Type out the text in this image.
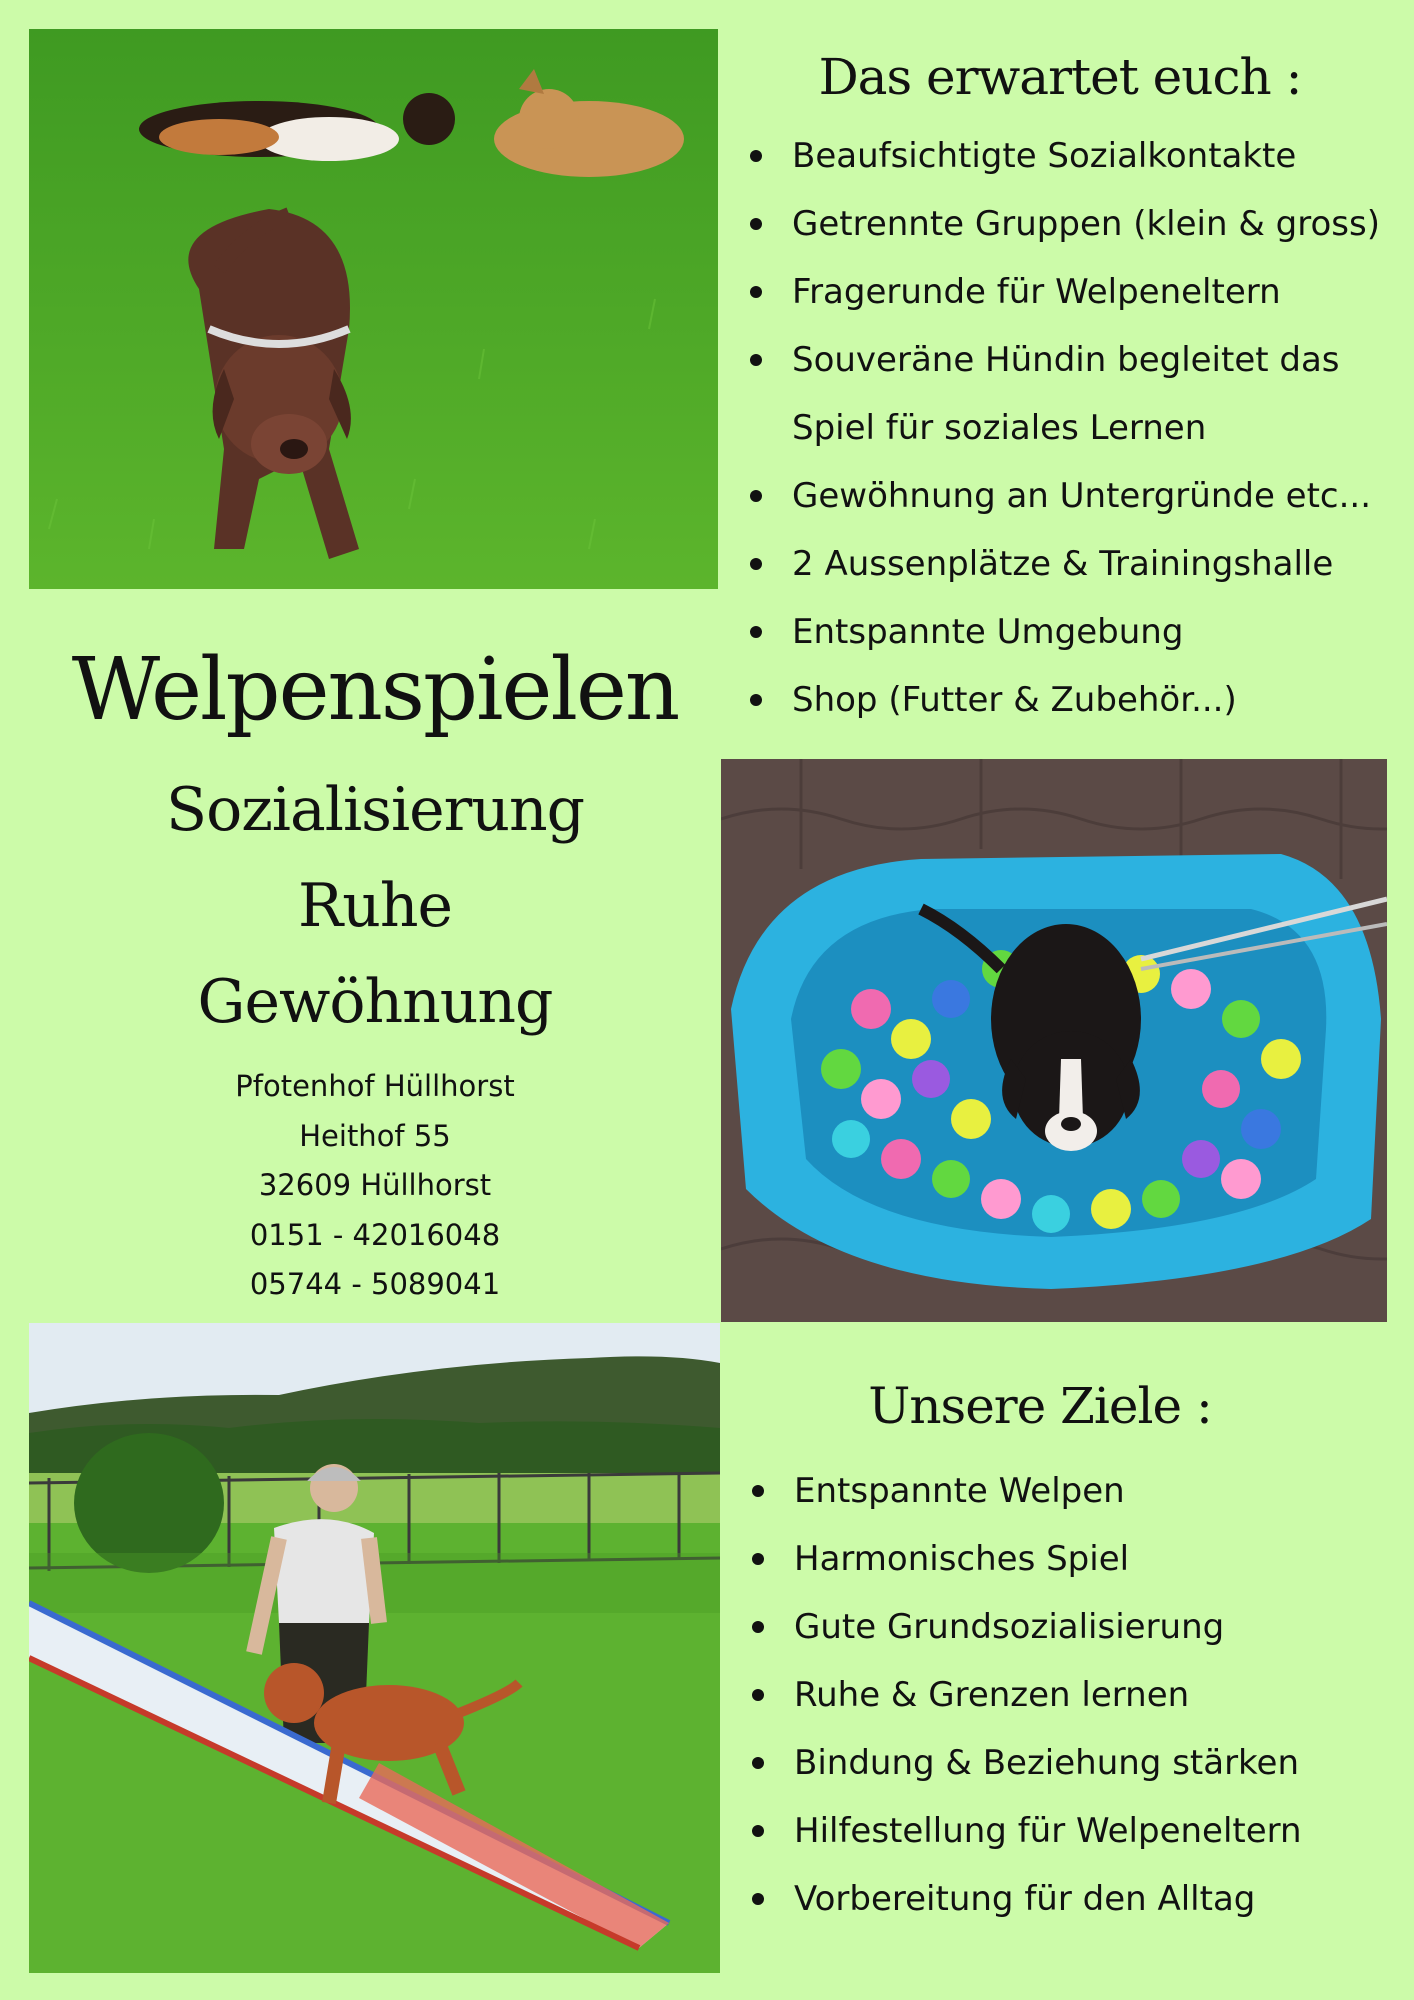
Das erwartet euch :
Beaufsichtigte Sozialkontakte
Getrennte Gruppen (klein & gross)
Fragerunde für Welpeneltern
Souveräne Hündin begleitet das
Spiel für soziales Lernen
Gewöhnung an Untergründe etc...
2 Aussenplätze & Trainingshalle
Entspannte Umgebung
Shop (Futter & Zubehör...)
Welpenspielen
Sozialisierung
Ruhe
Gewöhnung
Pfotenhof Hüllhorst
Heithof 55
32609 Hüllhorst
0151 - 42016048
05744 - 5089041
Unsere Ziele :
Entspannte Welpen
Harmonisches Spiel
Gute Grundsozialisierung
Ruhe & Grenzen lernen
Bindung & Beziehung stärken
Hilfestellung für Welpeneltern
Vorbereitung für den Alltag
